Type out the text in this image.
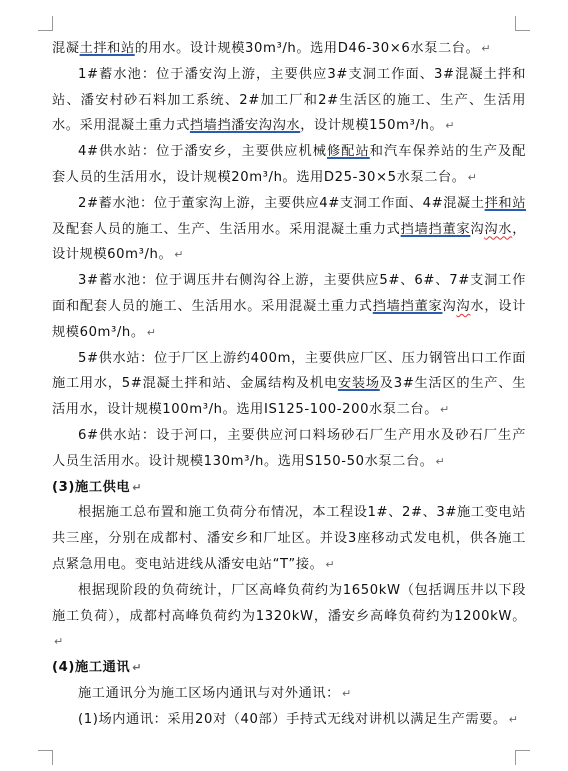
混凝土拌和站的用水。设计规模30m³/h。选用D46-30×6水泵二台。 ↵

1#蓄水池：位于潘安沟上游，主要供应3#支洞工作面、3#混凝土拌和站、潘安村砂石料加工系统、2#加工厂和2#生活区的施工、生产、生活用水。采用混凝土重力式挡墙挡潘安沟沟水，设计规模150m³/h。 ↵

4#供水站：位于潘安乡，主要供应机械修配站和汽车保养站的生产及配套人员的生活用水，设计规模20m³/h。选用D25-30×5水泵二台。 ↵

2#蓄水池：位于董家沟上游，主要供应4#支洞工作面、4#混凝土拌和站及配套人员的施工、生产、生活用水。采用混凝土重力式挡墙挡董家沟沟水，设计规模60m³/h。 ↵

3#蓄水池：位于调压井右侧沟谷上游，主要供应5#、6#、7#支洞工作面和配套人员的施工、生活用水。采用混凝土重力式挡墙挡董家沟沟水，设计规模60m³/h。 ↵

5#供水站：位于厂区上游约400m，主要供应厂区、压力钢管出口工作面施工用水，5#混凝土拌和站、金属结构及机电安装场及3#生活区的生产、生活用水，设计规模100m³/h。选用IS125-100-200水泵二台。 ↵

6#供水站：设于河口，主要供应河口料场砂石厂生产用水及砂石厂生产人员生活用水。设计规模130m³/h。选用S150-50水泵二台。 ↵

(3)施工供电 ↵

根据施工总布置和施工负荷分布情况，本工程设1#、2#、3#施工变电站共三座，分别在成都村、潘安乡和厂址区。并设3座移动式发电机，供各施工点紧急用电。变电站进线从潘安电站“T”接。 ↵

根据现阶段的负荷统计，厂区高峰负荷约为1650kW（包括调压井以下段施工负荷），成都村高峰负荷约为1320kW，潘安乡高峰负荷约为1200kW。↵

(4)施工通讯 ↵

施工通讯分为施工区场内通讯与对外通讯： ↵

(1)场内通讯：采用20对（40部）手持式无线对讲机以满足生产需要。 ↵
